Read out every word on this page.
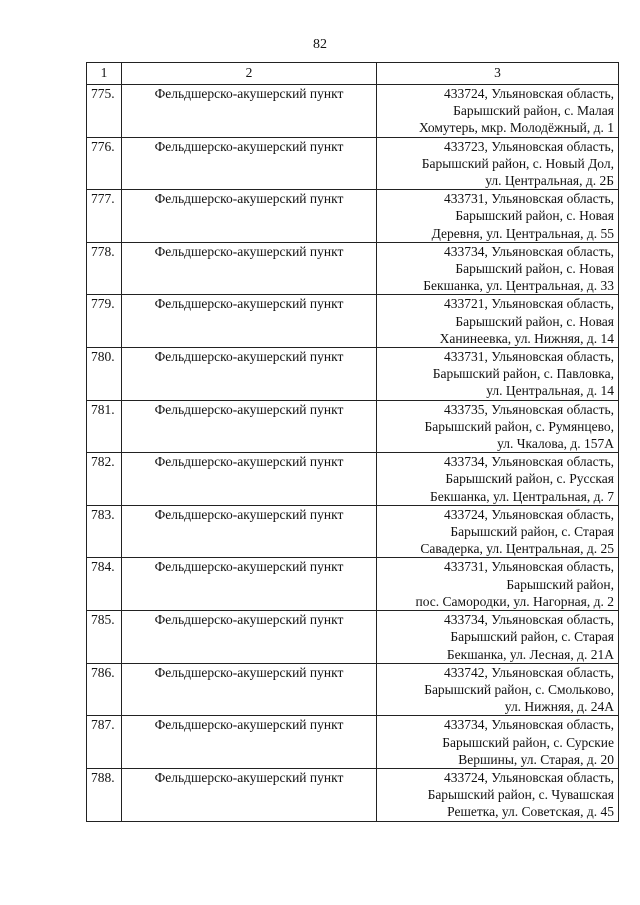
82
1	2	3
775.	Фельдшерско-акушерский пункт	433724, Ульяновская область,
Барышский район, с. Малая
Хомутерь, мкр. Молодёжный, д. 1

776.	Фельдшерско-акушерский пункт	433723, Ульяновская область,
Барышский район, с. Новый Дол,
ул. Центральная, д. 2Б

777.	Фельдшерско-акушерский пункт	433731, Ульяновская область,
Барышский район, с. Новая
Деревня, ул. Центральная, д. 55

778.	Фельдшерско-акушерский пункт	433734, Ульяновская область,
Барышский район, с. Новая
Бекшанка, ул. Центральная, д. 33

779.	Фельдшерско-акушерский пункт	433721, Ульяновская область,
Барышский район, с. Новая
Ханинеевка, ул. Нижняя, д. 14

780.	Фельдшерско-акушерский пункт	433731, Ульяновская область,
Барышский район, с. Павловка,
ул. Центральная, д. 14

781.	Фельдшерско-акушерский пункт	433735, Ульяновская область,
Барышский район, с. Румянцево,
ул. Чкалова, д. 157А

782.	Фельдшерско-акушерский пункт	433734, Ульяновская область,
Барышский район, с. Русская
Бекшанка, ул. Центральная, д. 7

783.	Фельдшерско-акушерский пункт	433724, Ульяновская область,
Барышский район, с. Старая
Савадерка, ул. Центральная, д. 25

784.	Фельдшерско-акушерский пункт	433731, Ульяновская область,
Барышский район,
пос. Самородки, ул. Нагорная, д. 2

785.	Фельдшерско-акушерский пункт	433734, Ульяновская область,
Барышский район, с. Старая
Бекшанка, ул. Лесная, д. 21А

786.	Фельдшерско-акушерский пункт	433742, Ульяновская область,
Барышский район, с. Смольково,
ул. Нижняя, д. 24А

787.	Фельдшерско-акушерский пункт	433734, Ульяновская область,
Барышский район, с. Сурские
Вершины, ул. Старая, д. 20

788.	Фельдшерско-акушерский пункт	433724, Ульяновская область,
Барышский район, с. Чувашская
Решетка, ул. Советская, д. 45
